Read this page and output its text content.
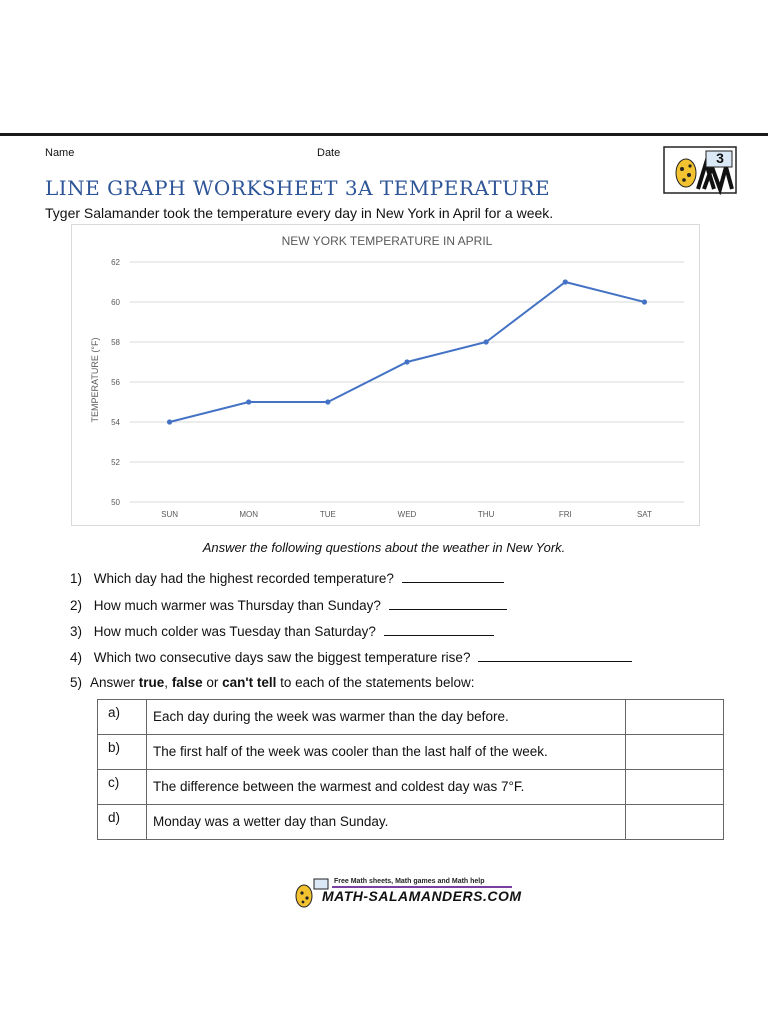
Name	Date	3
LINE GRAPH WORKSHEET 3A TEMPERATURE
Tyger Salamander took the temperature every day in New York in April for a week.
NEW YORK TEMPERATURE IN APRIL
TEMPERATURE (°F)
50
52
54
56
58
60
62
SUN	MON	TUE	WED	THU	FRI	SAT
Answer the following questions about the weather in New York.
1) Which day had the highest recorded temperature?
2) How much warmer was Thursday than Sunday?
3) How much colder was Tuesday than Saturday?
4) Which two consecutive days saw the biggest temperature rise?
5) Answer true, false or can't tell to each of the statements below:
a)	Each day during the week was warmer than the day before.	
b)	The first half of the week was cooler than the last half of the week.	
c)	The difference between the warmest and coldest day was 7°F.	
d)	Monday was a wetter day than Sunday.	
Free Math sheets, Math games and Math help
MATH-SALAMANDERS.COM
